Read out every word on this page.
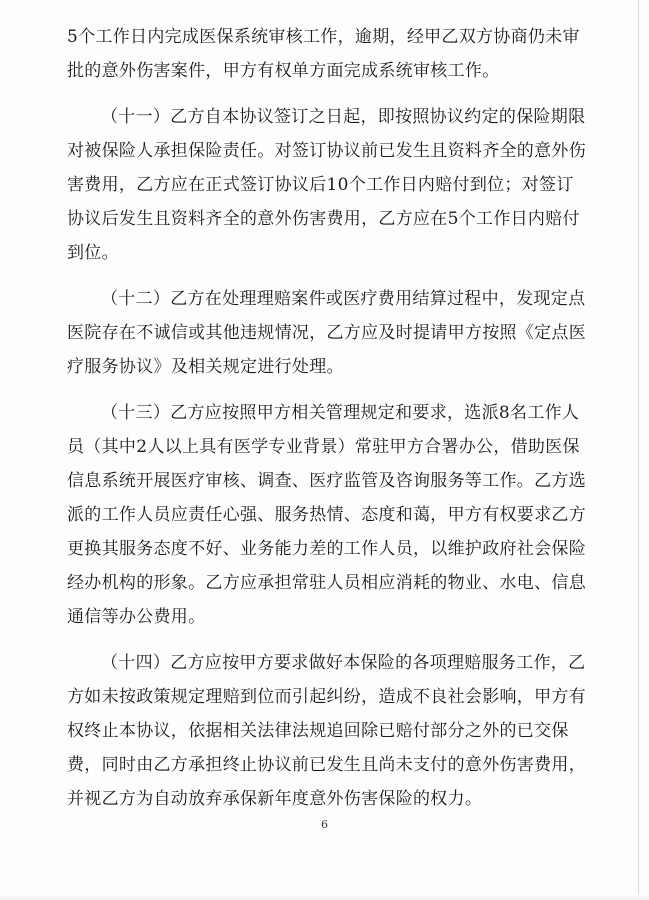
5个工作日内完成医保系统审核工作，逾期，经甲乙双方协商仍未审
批的意外伤害案件，甲方有权单方面完成系统审核工作。
（十一）乙方自本协议签订之日起，即按照协议约定的保险期限
对被保险人承担保险责任。对签订协议前已发生且资料齐全的意外伤
害费用，乙方应在正式签订协议后10个工作日内赔付到位；对签订
协议后发生且资料齐全的意外伤害费用，乙方应在5个工作日内赔付
到位。
（十二）乙方在处理理赔案件或医疗费用结算过程中，发现定点
医院存在不诚信或其他违规情况，乙方应及时提请甲方按照《定点医
疗服务协议》及相关规定进行处理。
（十三）乙方应按照甲方相关管理规定和要求，选派8名工作人
员（其中2人以上具有医学专业背景）常驻甲方合署办公，借助医保
信息系统开展医疗审核、调查、医疗监管及咨询服务等工作。乙方选
派的工作人员应责任心强、服务热情、态度和蔼，甲方有权要求乙方
更换其服务态度不好、业务能力差的工作人员，以维护政府社会保险
经办机构的形象。乙方应承担常驻人员相应消耗的物业、水电、信息
通信等办公费用。
（十四）乙方应按甲方要求做好本保险的各项理赔服务工作，乙
方如未按政策规定理赔到位而引起纠纷，造成不良社会影响，甲方有
权终止本协议，依据相关法律法规追回除已赔付部分之外的已交保
费，同时由乙方承担终止协议前已发生且尚未支付的意外伤害费用，
并视乙方为自动放弃承保新年度意外伤害保险的权力。
6
